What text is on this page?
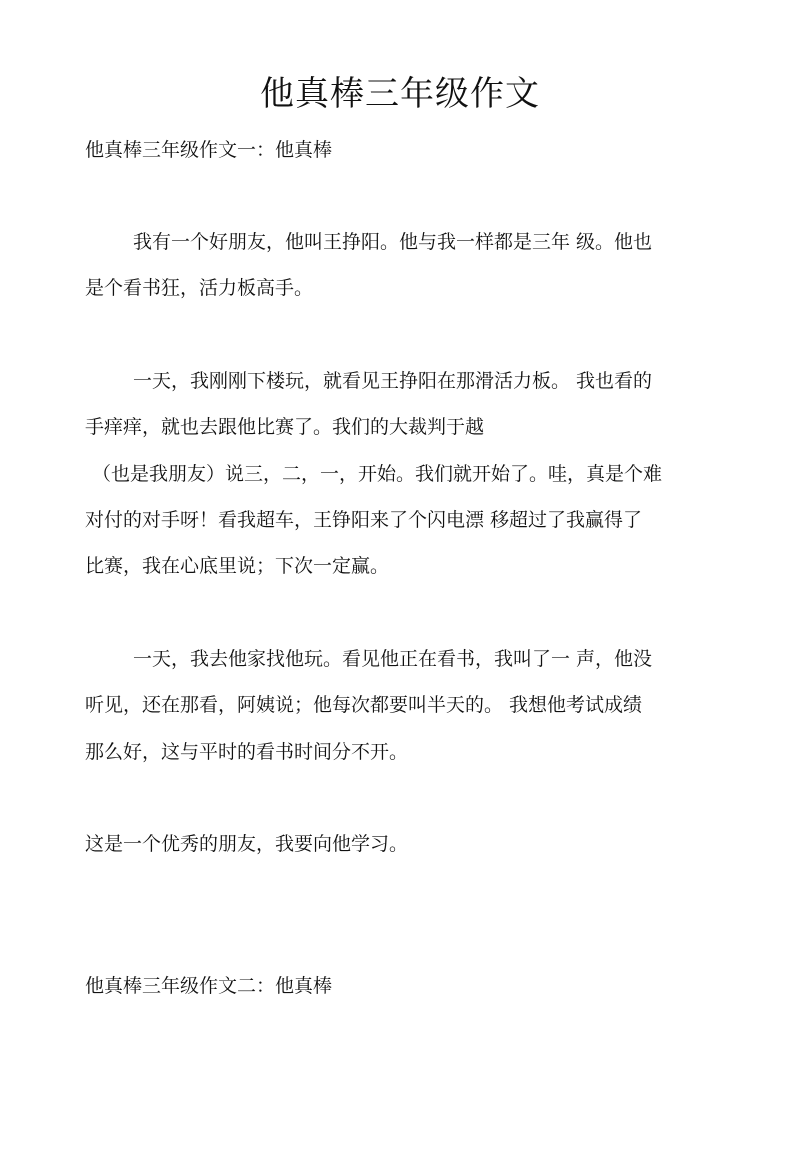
他真棒三年级作文

他真棒三年级作文一：他真棒

我有一个好朋友，他叫王挣阳。他与我一样都是三年 级。他也

是个看书狂，活力板高手。

一天，我刚刚下楼玩，就看见王挣阳在那滑活力板。 我也看的

手痒痒，就也去跟他比赛了。我们的大裁判于越

（也是我朋友）说三，二，一，开始。我们就开始了。哇，真是个难

对付的对手呀！看我超车，王铮阳来了个闪电漂 移超过了我赢得了

比赛，我在心底里说；下次一定赢。

一天，我去他家找他玩。看见他正在看书，我叫了一 声，他没

听见，还在那看，阿姨说；他每次都要叫半天的。 我想他考试成绩

那么好，这与平时的看书时间分不开。

这是一个优秀的朋友，我要向他学习。

他真棒三年级作文二：他真棒
